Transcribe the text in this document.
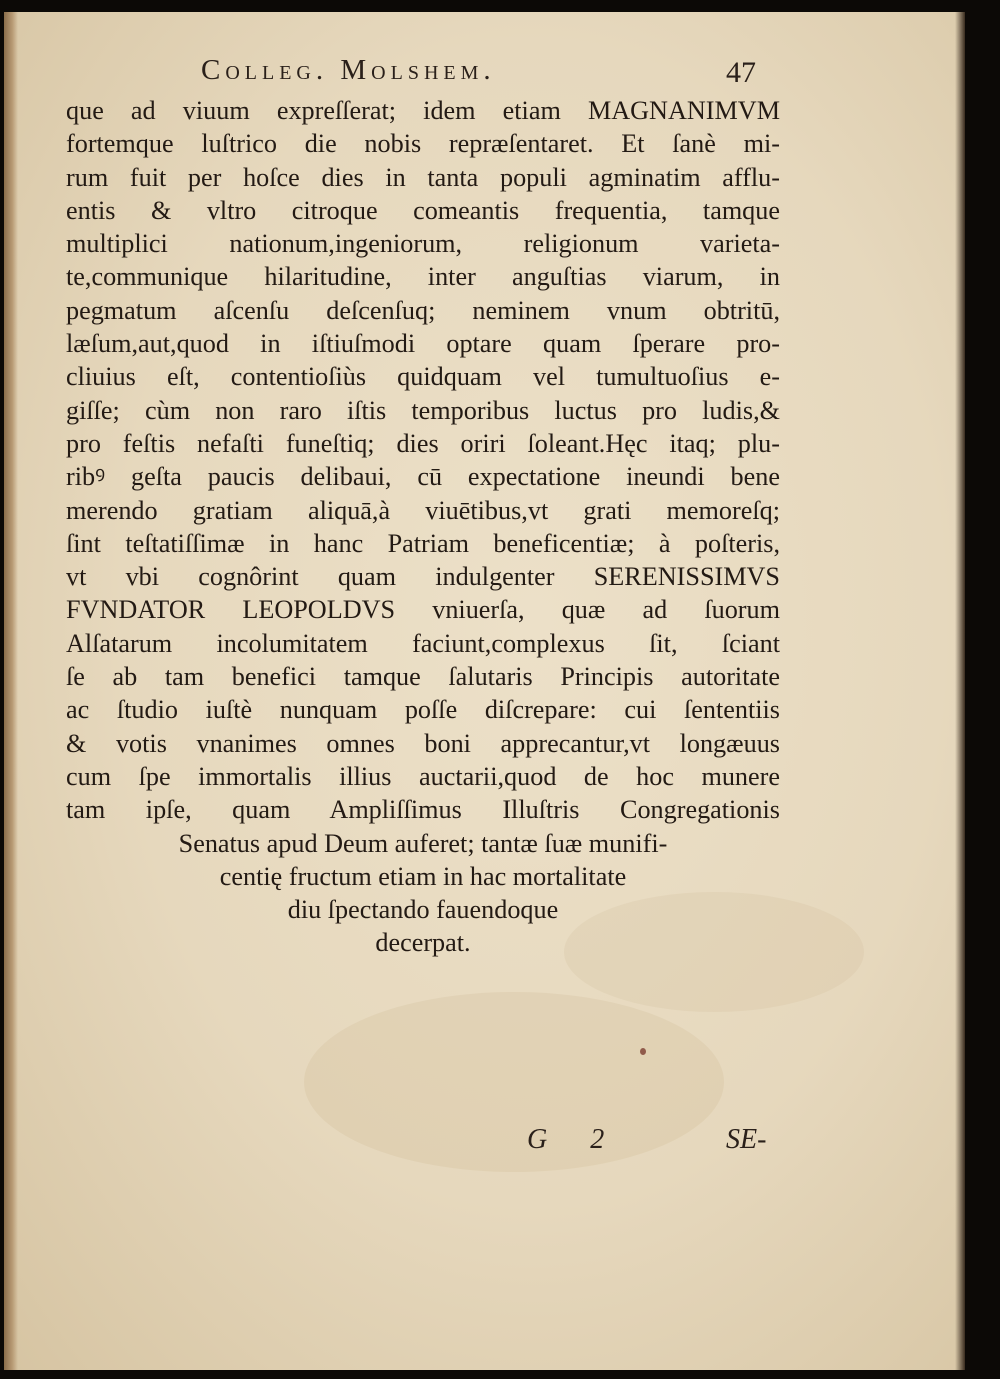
Colleg. Molshem.	47
que ad viuum expreſſerat; idem etiam MAGNANIMVM
fortemque luſtrico die nobis repræſentaret. Et ſanè mi-
rum fuit per hoſce dies in tanta populi agminatim afflu-
entis & vltro citroque comeantis frequentia, tamque
multiplici nationum,ingeniorum, religionum varieta-
te,communique hilaritudine, inter anguſtias viarum, in
pegmatum aſcenſu deſcenſuq; neminem vnum obtritū,
læſum,aut,quod in iſtiuſmodi optare quam ſperare pro-
cliuius eſt, contentioſiùs quidquam vel tumultuoſius e-
giſſe; cùm non raro iſtis temporibus luctus pro ludis,&
pro feſtis nefaſti funeſtiq; dies oriri ſoleant.Hęc itaq; plu-
ribꝰ geſta paucis delibaui, cū expectatione ineundi bene
merendo gratiam aliquā,à viuētibus,vt grati memoreſq;
ſint teſtatiſſimæ in hanc Patriam beneficentiæ; à poſteris,
vt vbi cognôrint quam indulgenter SERENISSIMVS
FVNDATOR LEOPOLDVS vniuerſa, quæ ad ſuorum
Alſatarum incolumitatem faciunt,complexus ſit, ſciant
ſe ab tam benefici tamque ſalutaris Principis autoritate
ac ſtudio iuſtè nunquam poſſe diſcrepare: cui ſententiis
& votis vnanimes omnes boni apprecantur,vt longæuus
cum ſpe immortalis illius auctarii,quod de hoc munere
tam ipſe, quam Ampliſſimus Illuſtris Congregationis
Senatus apud Deum auferet; tantæ ſuæ munifi-
centię fructum etiam in hac mortalitate
diu ſpectando fauendoque
decerpat.
G 2	SE-
